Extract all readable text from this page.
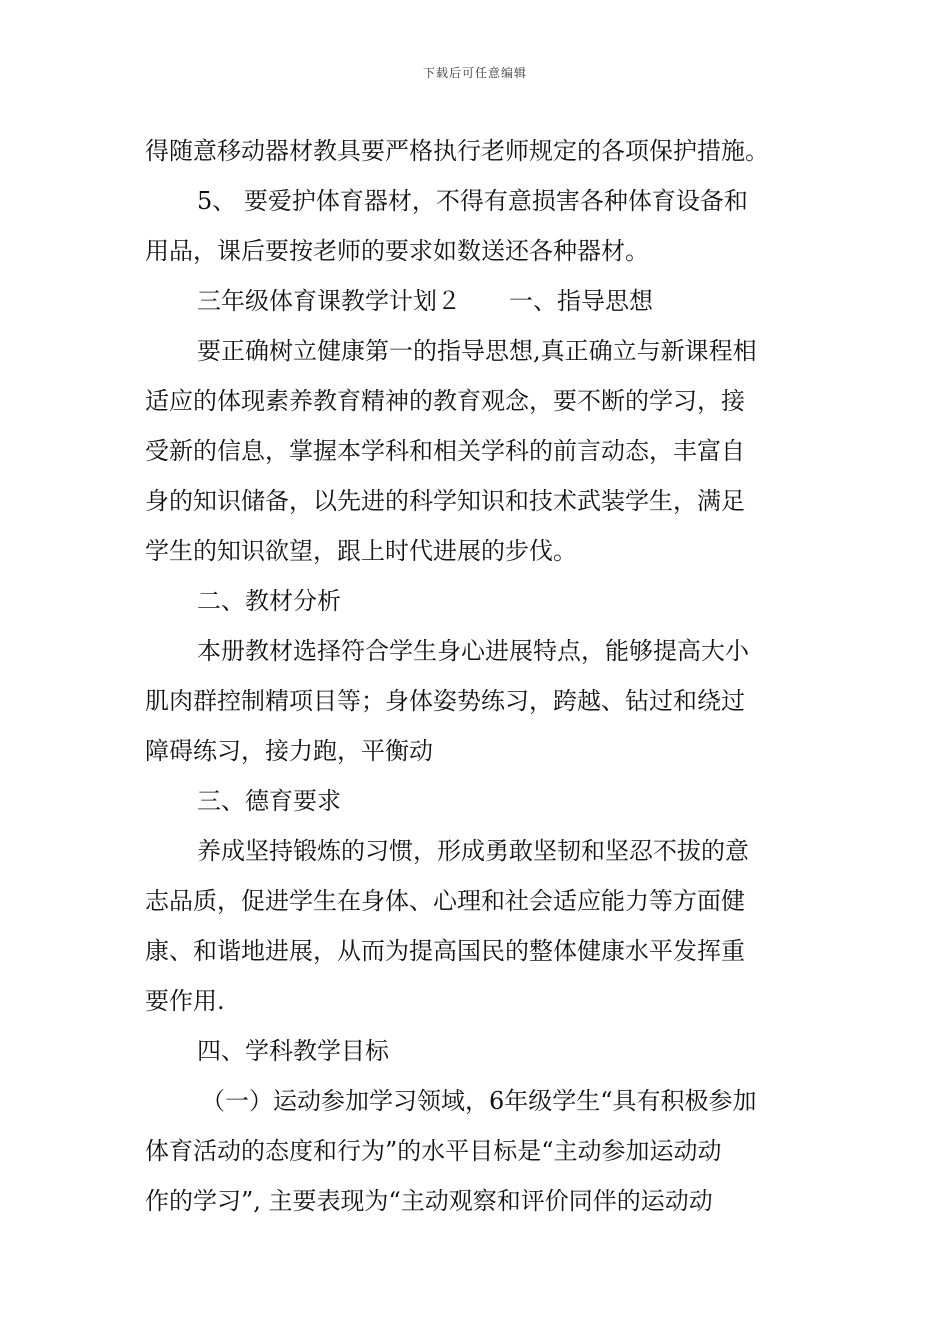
下载后可任意编辑
得随意移动器材教具要严格执行老师规定的各项保护措施。
5、 要爱护体育器材，不得有意损害各种体育设备和
用品，课后要按老师的要求如数送还各种器材。
三年级体育课教学计划２　　一、指导思想
要正确树立健康第一的指导思想,真正确立与新课程相
适应的体现素养教育精神的教育观念，要不断的学习，接
受新的信息，掌握本学科和相关学科的前言动态，丰富自
身的知识储备，以先进的科学知识和技术武装学生，满足
学生的知识欲望，跟上时代进展的步伐。
二、教材分析
本册教材选择符合学生身心进展特点，能够提高大小
肌肉群控制精项目等；身体姿势练习，跨越、钻过和绕过
障碍练习，接力跑，平衡动
三、德育要求
养成坚持锻炼的习惯，形成勇敢坚韧和坚忍不拔的意
志品质，促进学生在身体、心理和社会适应能力等方面健
康、和谐地进展，从而为提高国民的整体健康水平发挥重
要作用.
四、学科教学目标
（一）运动参加学习领域，6年级学生“具有积极参加
体育活动的态度和行为”的水平目标是“主动参加运动动
作的学习”, 主要表现为“主动观察和评价同伴的运动动
